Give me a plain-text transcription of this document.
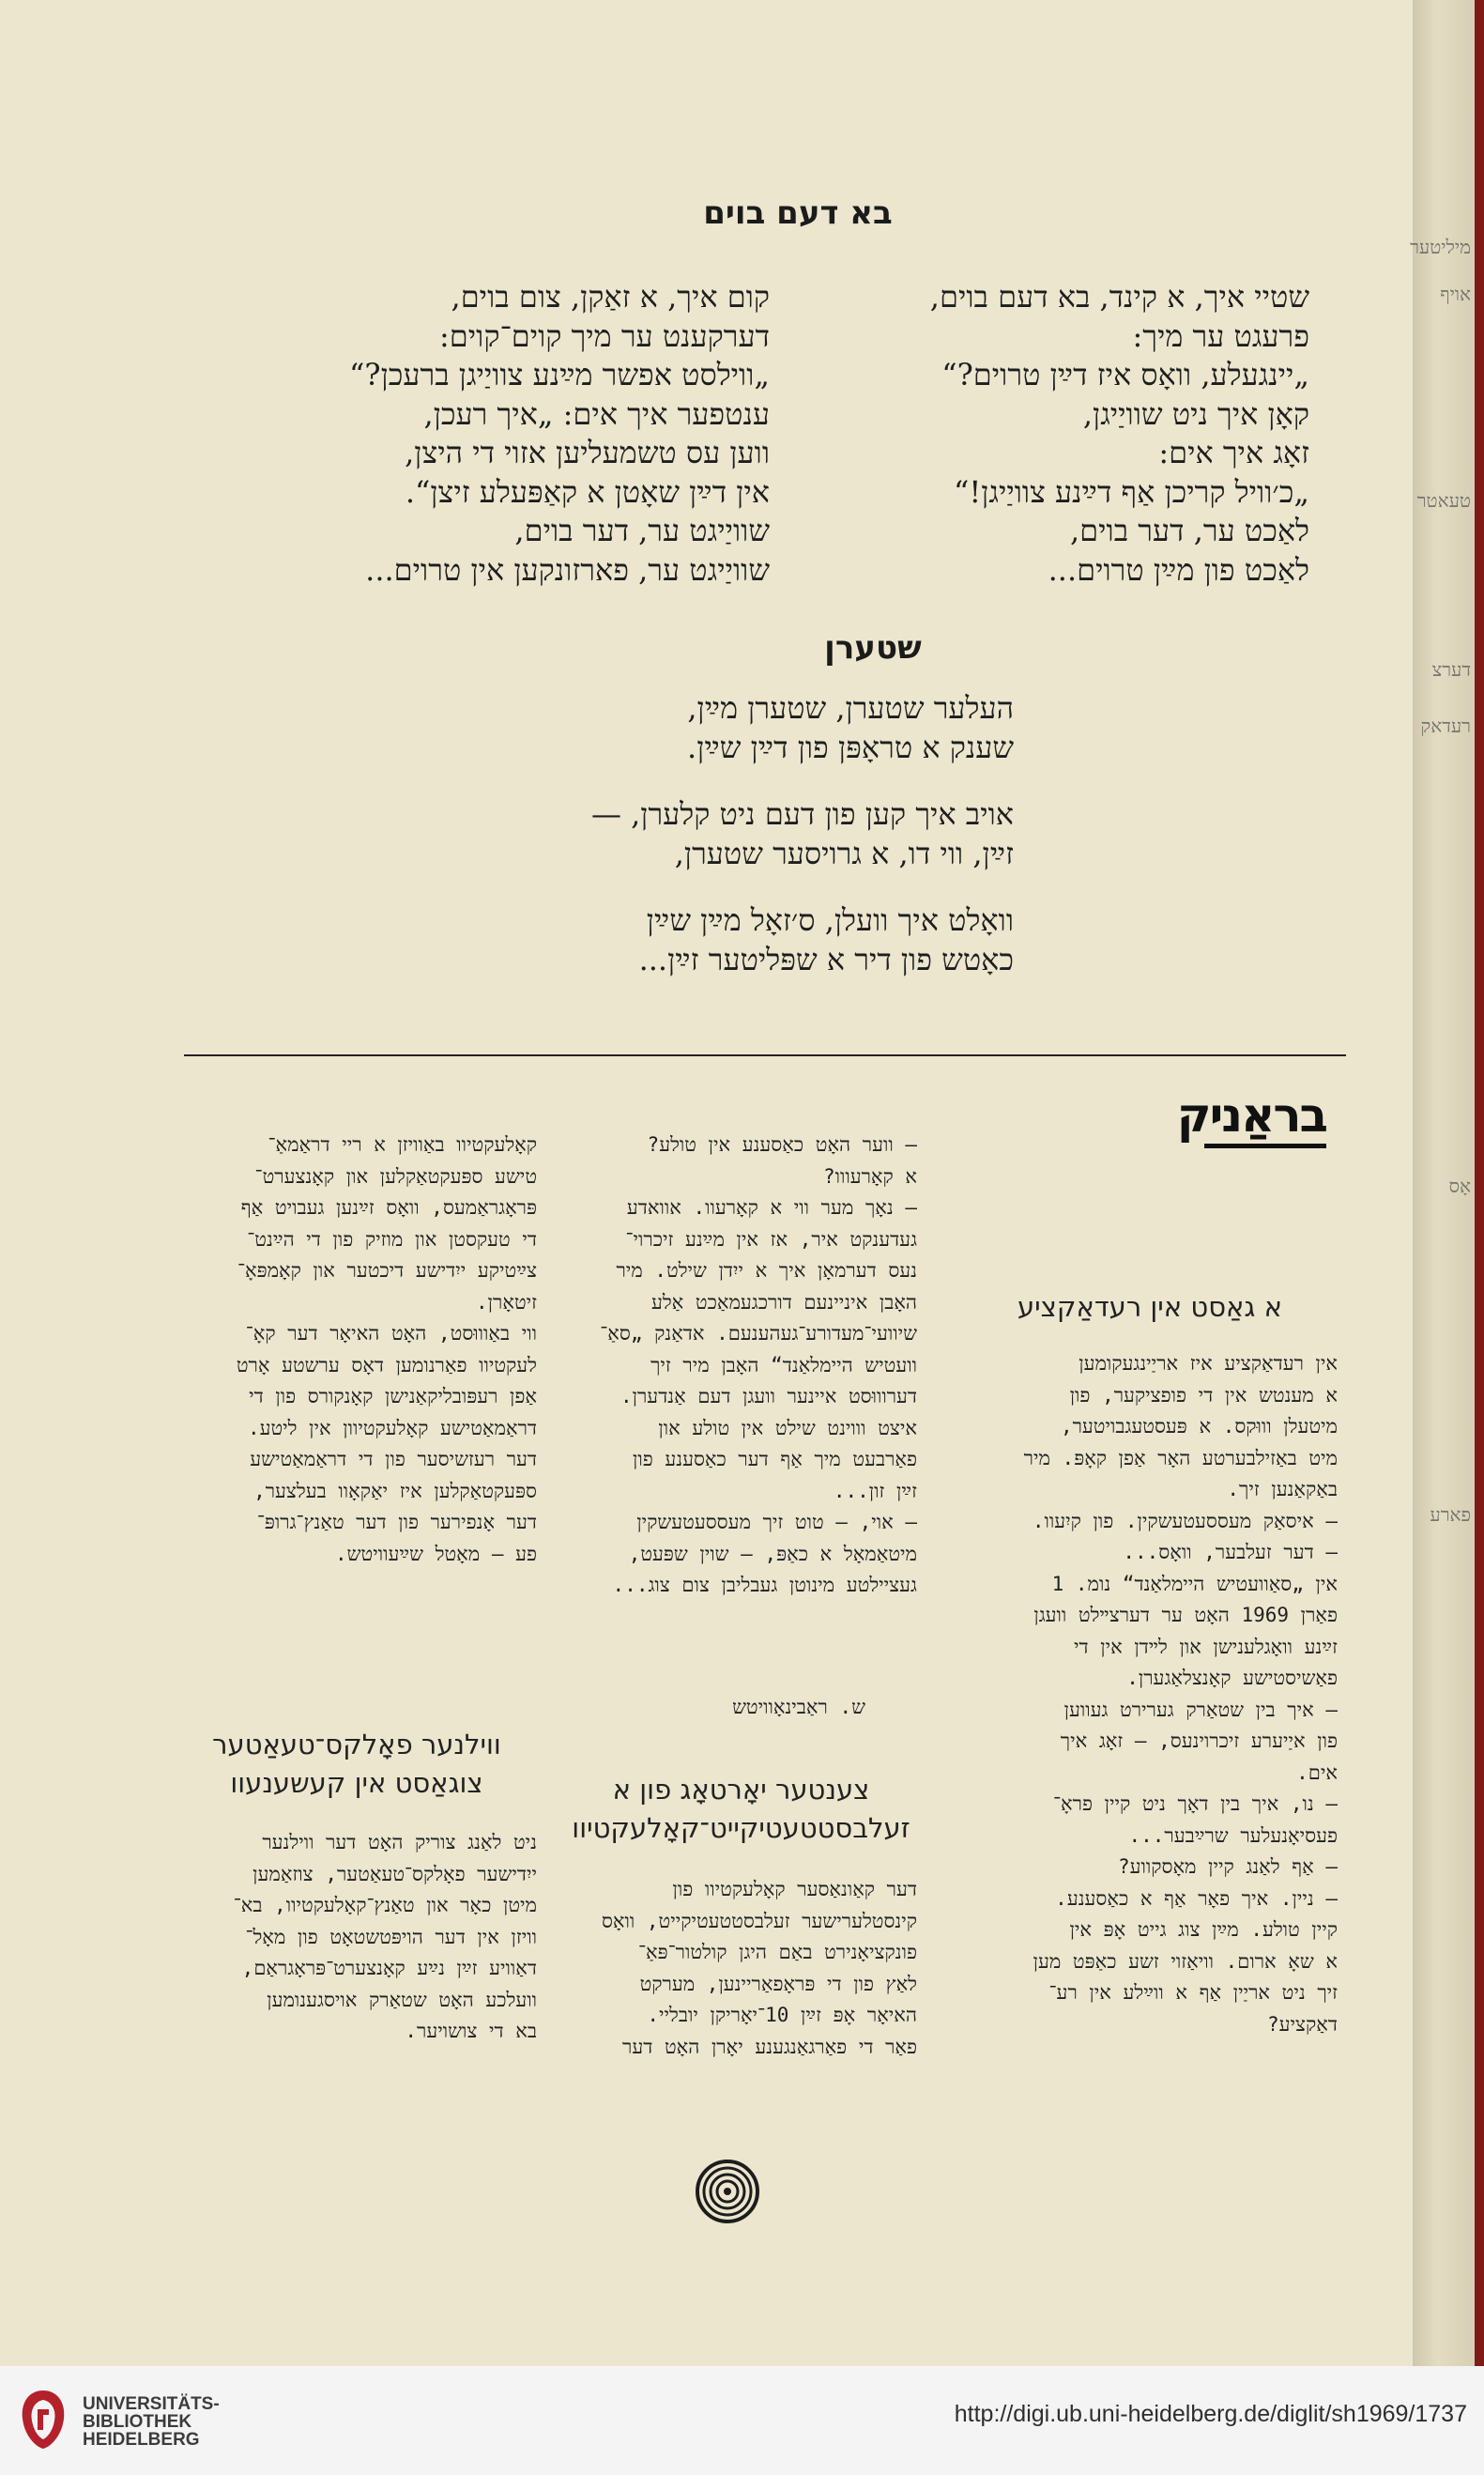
בא דעם בוים
שטיי איך, א קינד, בא דעם בוים,
פרעגט ער מיך:
„יינגעלע, וואָס איז דײַן טרוים?“
קאָן איך ניט שוויַיגן,
זאָג איך אים:
„כ׳וויל קריכן אַף דײַנע צוויַיגן!“
לאַכט ער, דער בוים,
לאַכט פון מײַן טרוים...
קום איך, א זאַקן, צום בוים,
דערקענט ער מיך קוים־קוים:
„ווילסט אפשר מײַנע צוויַיגן ברעכן?“
ענטפער איך אים: „איך רעכן,
ווען עס טשמעליען אזוי די היצן,
אין דײַן שאָטן א קאַפּעלע זיצן“.
שוויַיגט ער, דער בוים,
שוויַיגט ער, פארזונקען אין טרוים...
שטערן
העלער שטערן, שטערן מײַן,
שענק א טראָפּן פון דײַן שײַן.
אויב איך קען פון דעם ניט קלערן, —
זײַן, ווי דו, א גרויסער שטערן,
וואָלט איך וועלן, ס׳זאָל מײַן שײַן
כאָטש פון דיר א שפּליטער זײַן...
בראַניק
א גאַסט אין רעדאַקציע
אין רעדאַקציע איז אריַינגעקומען
א מענטש אין די פופציקער, פון
מיטעלן וווּקס. א פּעסטעגבויטער,
מיט באַזילבערטע האָר אַפן קאָפּ. מיר
באַקאַנען זיך.
— איסאַק מעססעטעשקין. פון קיִעוו.
— דער זעלבער, וואָס...
אין „סאַוועטיש היימלאַנד“ נומ. 1
פאַרן 1969 האָט ער דערצײלט וועגן
זײַנע וואָגלענישן און לײדן אין די
פאַשיסטישע קאָנצלאַגערן.
— איך בין שטאַרק גערירט געווען
פון איַיערע זיכרוינעס, — זאָג איך
אים.
— נו, איך בין דאָך ניט קיין פראָ־
פעסיאָנעלער שרײַבער...
— אַף לאַנג קיין מאָסקווע?
— ניין. איך פאָר אַף א כאַסענע.
קיין טולע. מײַן צוג גייט אָפּ אין
א שאָ ארום. וויאַזוי זשע כאַפּט מען
זיך ניט אריַין אַף א ווײַלע אין רע־
דאַקציע?
— ווער האָט כאַסענע אין טולע?
א קאָרעווו?
— נאָך מער ווי א קאָרעוו. אוואדע
געדענקט איר, אז אין מײַנע זיכרוי־
נעס דערמאָן איך א ייִדן שילט. מיר
האָבן איניינעם דורכגעמאַכט אַלע
שיוועי־מעדורע־געהענעם. אדאַנק „סאַ־
וועטיש היימלאַנד“ האָבן מיר זיך
דערוווּסט איינער וועגן דעם אַנדערן.
איצט וווינט שילט אין טולע און
פאַרבעט מיך אַף דער כאַסענע פון
זײַן זון...
— אוי, — טוט זיך מעססעטעשקין
מיטאַמאָל א כאַפּ, — שוין שפּעט,
געציילטע מינוטן געבליבן צום צוג...
ש. ראַבינאָוויטש
צענטער יאָרטאָג פון א
זעלבסטטעטיקייט־קאָלעקטיוו
דער קאַונאַסער קאָלעקטיוו פון
קינסטלערישער זעלבסטטעטיקייט, וואָס
פונקציאָנירט באַם היגן קולטור־פּאַ־
לאַץ פון די פּראָפאַריינען, מערקט
האיאָר אָפּ זײַן 10־יאָריקן יובליי.
פאַר די פאַרגאַנגענע יאָרן האָט דער
קאָלעקטיוו באַוויזן א ריי דראַמאַ־
טישע ספּעקטאַקלען און קאָנצערט־
פּראָגראַמעס, וואָס זײַנען געבויט אַף
די טעקסטן און מוזיק פון די הײַנט־
צײַטיקע ייִדישע דיכטער און קאָמפּאָ־
זיטאָרן.
ווי באַוווּסט, האָט האיאָר דער קאָ־
לעקטיוו פאַרנומען דאָס ערשטע אָרט
אַפן רעפּובליקאַנישן קאָנקורס פון די
דראַמאַטישע קאָלעקטיוון אין ליטע.
דער רעזשיסער פון די דראַמאַטישע
ספּעקטאַקלען איז יאַקאָוו בעלצער,
דער אָנפירער פון דער טאַנץ־גרופּ־
פע — מאָטל שײַעוויטש.
ווילנער פאָלקס־טעאַטער
צוגאַסט אין קעשענעוו
ניט לאַנג צוריק האָט דער ווילנער
ייִדישער פאָלקס־טעאַטער, צוזאַמען
מיטן כאָר און טאַנץ־קאָלעקטיוו, בא־
וויזן אין דער הויפּטשטאָט פון מאָל־
דאַוויע זײַן נײַע קאָנצערט־פּראָגראַם,
וועלכע האָט שטאַרק אויסגענומען
בא די צושויער.
מיליטער
אויף
טעאטר
דערצ
רעדאק
אָס
פארע
UNIVERSITÄTS-
BIBLIOTHEK
HEIDELBERG
http://digi.ub.uni-heidelberg.de/diglit/sh1969/1737
